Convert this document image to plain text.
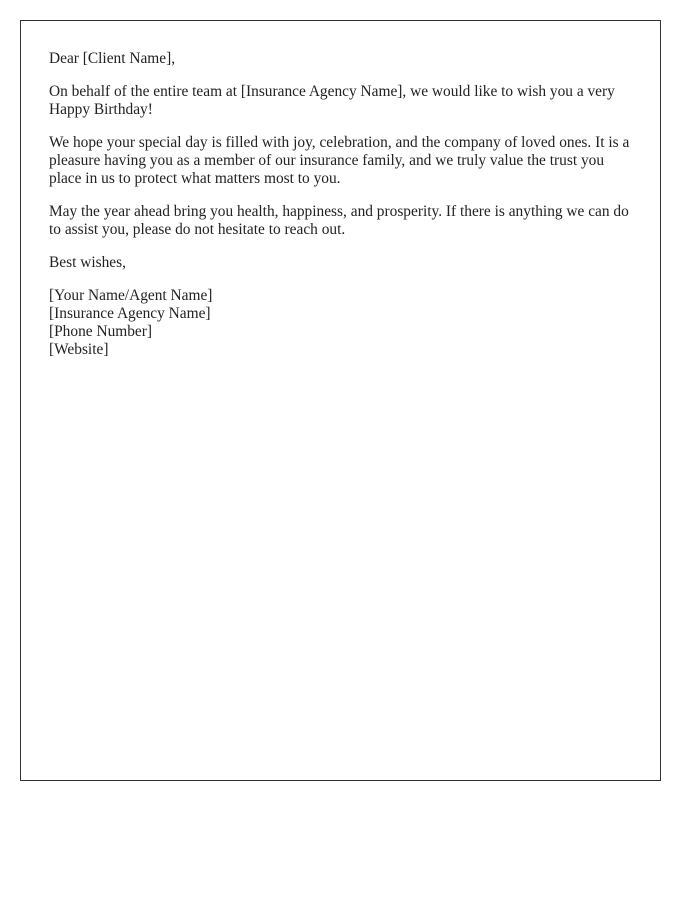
Dear [Client Name],

On behalf of the entire team at [Insurance Agency Name], we would like to wish you a very Happy Birthday!

We hope your special day is filled with joy, celebration, and the company of loved ones. It is a pleasure having you as a member of our insurance family, and we truly value the trust you place in us to protect what matters most to you.

May the year ahead bring you health, happiness, and prosperity. If there is anything we can do to assist you, please do not hesitate to reach out.

Best wishes,

[Your Name/Agent Name]
[Insurance Agency Name]
[Phone Number]
[Website]
